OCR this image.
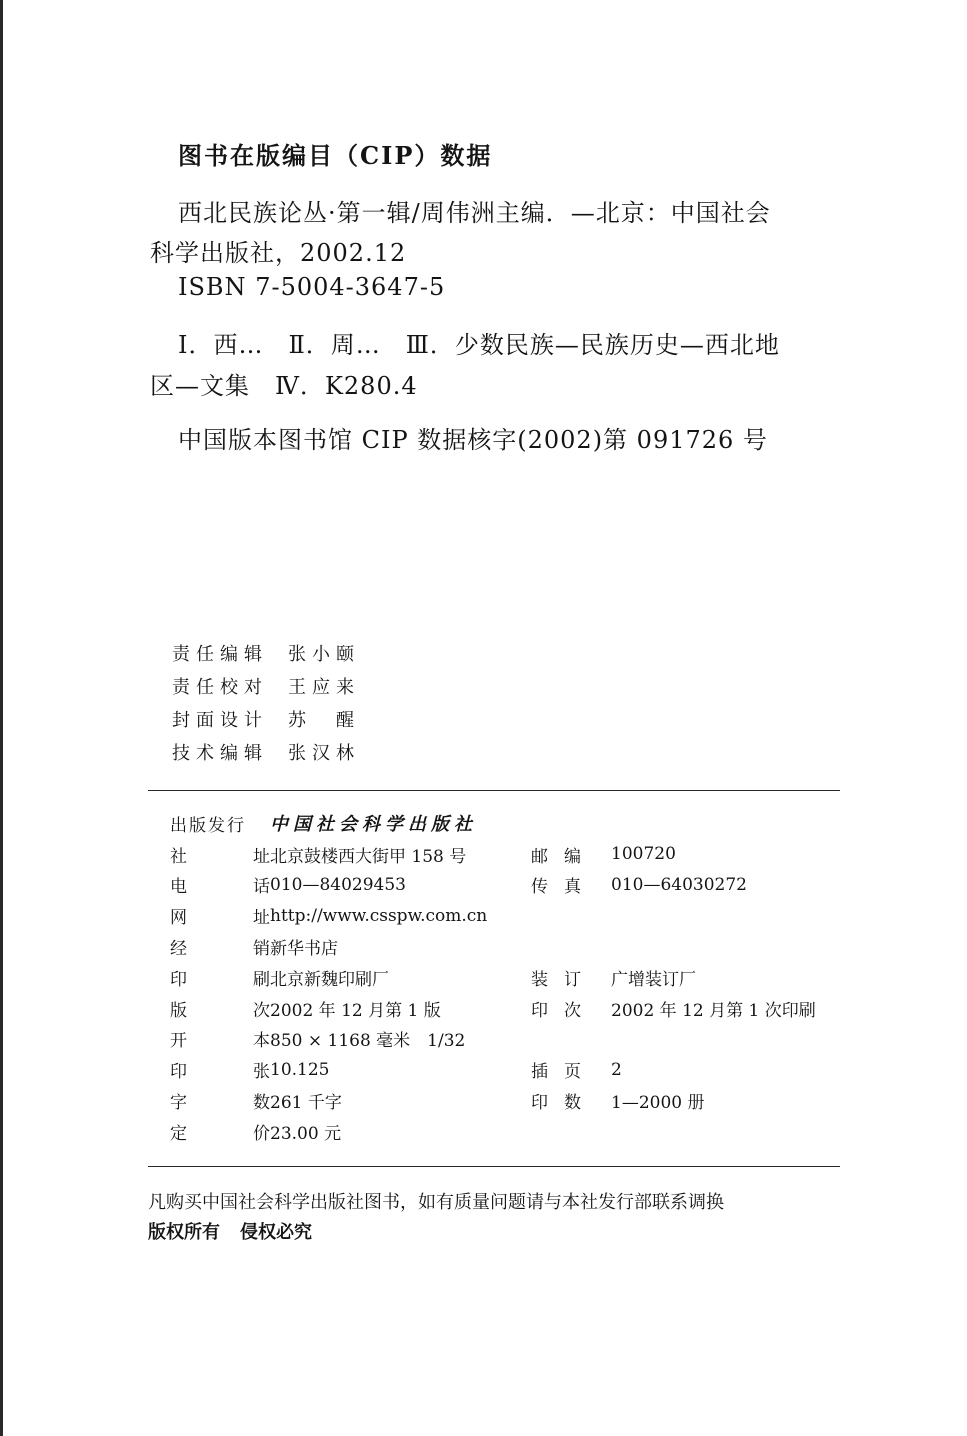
图书在版编目（CIP）数据
西北民族论丛·第一辑/周伟洲主编．—北京：中国社会
科学出版社，2002.12
ISBN 7-5004-3647-5
Ⅰ．西…　Ⅱ．周…　Ⅲ．少数民族—民族历史—西北地
区—文集　Ⅳ．K280.4
中国版本图书馆 CIP 数据核字(2002)第 091726 号
责任编辑	张小颐
责任校对	王应来
封面设计	苏　醒
技术编辑	张汉林
出版发行	中国社会科学出版社
社	址 北京鼓楼西大街甲 158 号	邮 编 100720
电	话 010—84029453	传 真 010—64030272
网	址 http://www.csspw.com.cn
经	销 新华书店
印	刷 北京新魏印刷厂	装 订 广增装订厂
版	次 2002 年 12 月第 1 版	印 次 2002 年 12 月第 1 次印刷
开	本 850 × 1168 毫米　1/32
印	张 10.125	插 页 2
字	数 261 千字	印 数 1—2000 册
定	价 23.00 元
凡购买中国社会科学出版社图书，如有质量问题请与本社发行部联系调换
版权所有 侵权必究
